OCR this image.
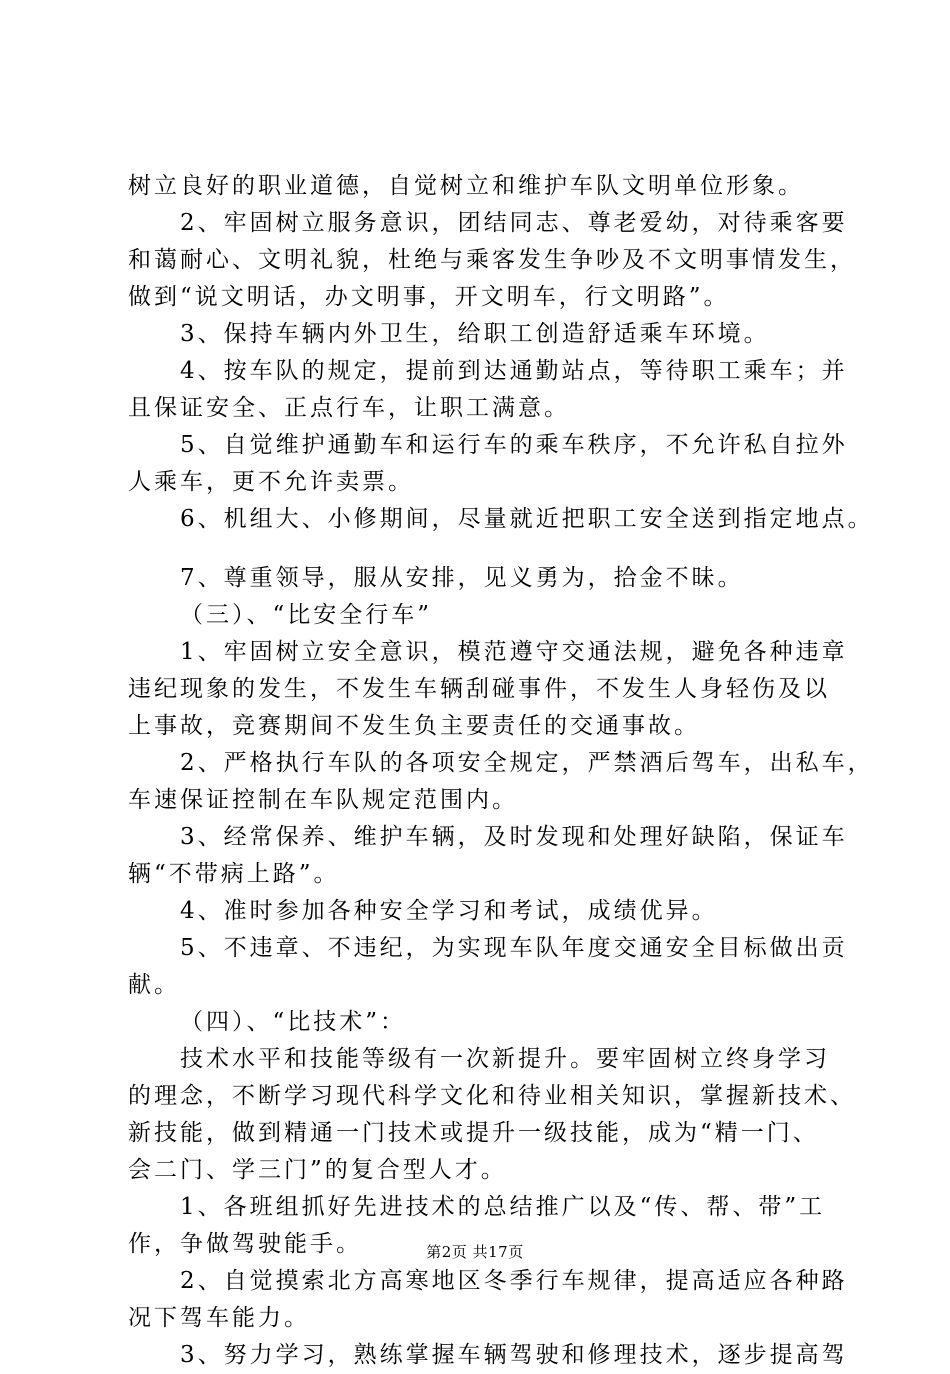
树立良好的职业道德，自觉树立和维护车队文明单位形象。
2、牢固树立服务意识，团结同志、尊老爱幼，对待乘客要
和蔼耐心、文明礼貌，杜绝与乘客发生争吵及不文明事情发生，
做到“说文明话，办文明事，开文明车，行文明路”。
3、保持车辆内外卫生，给职工创造舒适乘车环境。
4、按车队的规定，提前到达通勤站点，等待职工乘车；并
且保证安全、正点行车，让职工满意。
5、自觉维护通勤车和运行车的乘车秩序，不允许私自拉外
人乘车，更不允许卖票。
6、机组大、小修期间，尽量就近把职工安全送到指定地点。
7、尊重领导，服从安排，见义勇为，拾金不昧。
（三）、“比安全行车”
1、牢固树立安全意识，模范遵守交通法规，避免各种违章
违纪现象的发生，不发生车辆刮碰事件，不发生人身轻伤及以
上事故，竞赛期间不发生负主要责任的交通事故。
2、严格执行车队的各项安全规定，严禁酒后驾车，出私车，
车速保证控制在车队规定范围内。
3、经常保养、维护车辆，及时发现和处理好缺陷，保证车
辆“不带病上路”。
4、准时参加各种安全学习和考试，成绩优异。
5、不违章、不违纪，为实现车队年度交通安全目标做出贡
献。
（四）、“比技术”：
技术水平和技能等级有一次新提升。要牢固树立终身学习
的理念，不断学习现代科学文化和待业相关知识，掌握新技术、
新技能，做到精通一门技术或提升一级技能，成为“精一门、
会二门、学三门”的复合型人才。
1、各班组抓好先进技术的总结推广以及“传、帮、带”工
作，争做驾驶能手。
2、自觉摸索北方高寒地区冬季行车规律，提高适应各种路
况下驾车能力。
3、努力学习，熟练掌握车辆驾驶和修理技术，逐步提高驾
第2页 共17页
